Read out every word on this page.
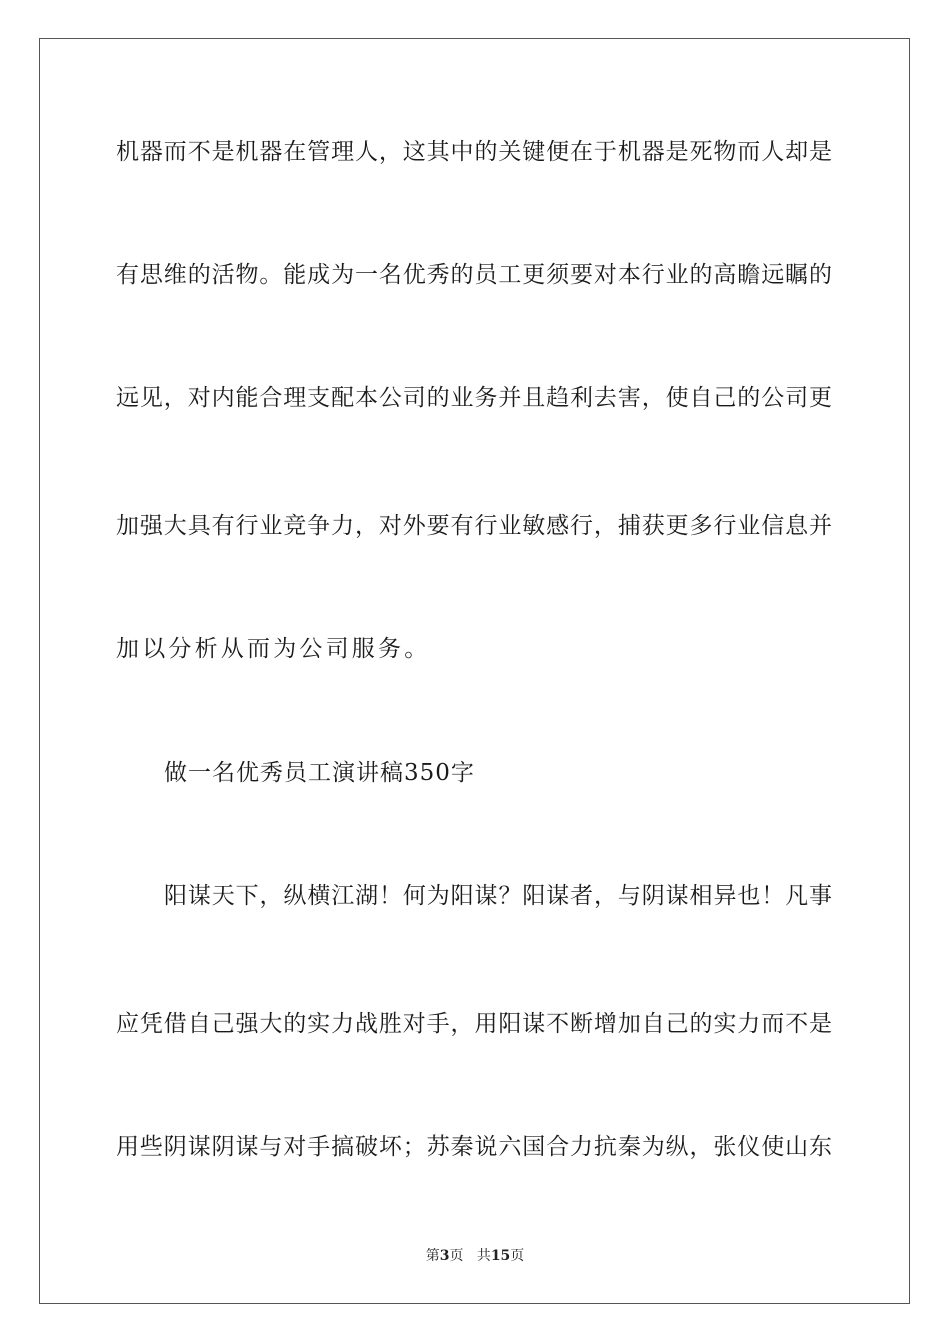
机器而不是机器在管理人，这其中的关键便在于机器是死物而人却是
有思维的活物。能成为一名优秀的员工更须要对本行业的高瞻远瞩的
远见，对内能合理支配本公司的业务并且趋利去害，使自己的公司更
加强大具有行业竞争力，对外要有行业敏感行，捕获更多行业信息并
加以分析从而为公司服务。
做一名优秀员工演讲稿350字
阳谋天下，纵横江湖！何为阳谋？阳谋者，与阴谋相异也！凡事
应凭借自己强大的实力战胜对手，用阳谋不断增加自己的实力而不是
用些阴谋阴谋与对手搞破坏；苏秦说六国合力抗秦为纵，张仪使山东
第3页 共15页
